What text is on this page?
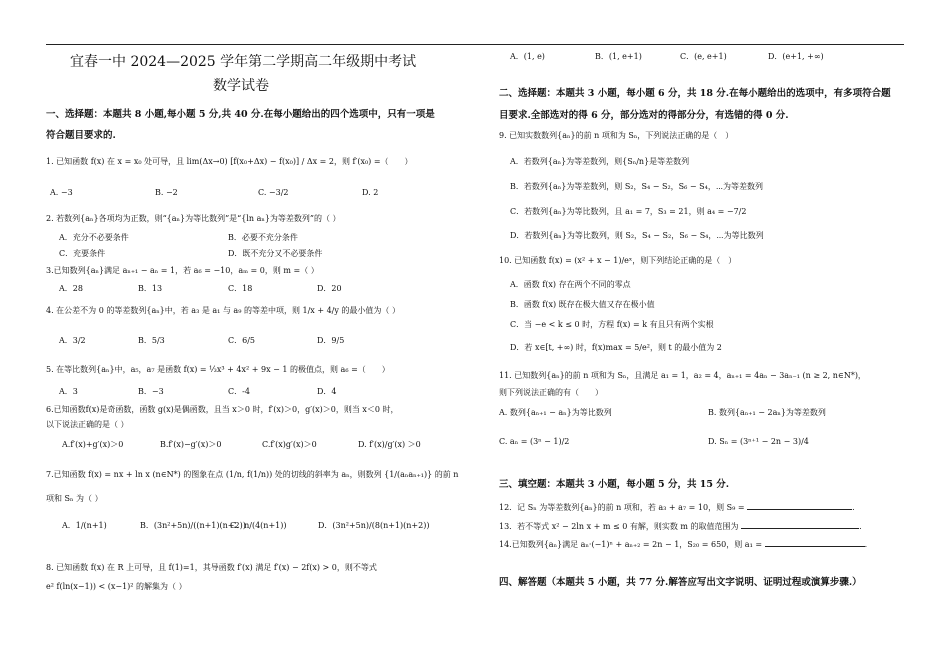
宜春一中 2024—2025 学年第二学期高二年级期中考试
数学试卷
一、选择题：本题共 8 小题,每小题 5 分,共 40 分.在每小题给出的四个选项中，只有一项是
符合题目要求的.
1. 已知函数 f(x) 在 x = x₀ 处可导，且 lim(Δx→0) [f(x₀+Δx) − f(x₀)] / Δx = 2，则 f′(x₀) =（　　）
A. −3	B. −2	C. −3/2	D. 2
2. 若数列{aₙ}各项均为正数，则“{aₙ}为等比数列”是“{ln aₙ}为等差数列”的（ ）
A．充分不必要条件	B．必要不充分条件
C．充要条件	D．既不充分又不必要条件
3.已知数列{aₙ}满足 aₙ₊₁ − aₙ = 1，若 a₆ = −10，aₘ = 0，则 m =（ ）
A．28	B．13	C．18	D．20
4. 在公差不为 0 的等差数列{aₙ}中，若 a₃ 是 a₁ 与 a₉ 的等差中项，则 1/x + 4/y 的最小值为（ ）
A．3/2	B．5/3	C．6/5	D．9/5
5. 在等比数列{aₙ}中，a₅，a₇ 是函数 f(x) = ⅓x³ + 4x² + 9x − 1 的极值点，则 a₆ =（　　）
A．3	B．−3	C．-4	D．4
6.已知函数f(x)是奇函数，函数 g(x)是偶函数，且当 x＞0 时，f′(x)＞0，g′(x)＞0，则当 x＜0 时，
以下说法正确的是（ ）
A.f′(x)+g′(x)＞0	B.f′(x)−g′(x)＞0	C.f′(x)g′(x)＞0	D. f′(x)/g′(x) ＞0
7.已知函数 f(x) = nx + ln x (n∈N*) 的图象在点 (1/n, f(1/n)) 处的切线的斜率为 aₙ，则数列 {1/(aₙaₙ₊₁)} 的前 n
项和 Sₙ 为（ ）
A．1/(n+1)	B．(3n²+5n)/((n+1)(n+2))
C．n/(4(n+1))	D．(3n²+5n)/(8(n+1)(n+2))
8. 已知函数 f(x) 在 R 上可导，且 f(1)=1，其导函数 f′(x) 满足 f′(x) − 2f(x) > 0，则不等式
e² f(ln(x−1)) < (x−1)² 的解集为（ ）
A．(1, e)	B．(1, e+1)	C．(e, e+1)	D．(e+1, +∞)
二、选择题：本题共 3 小题，每小题 6 分，共 18 分.在每小题给出的选项中，有多项符合题
目要求.全部选对的得 6 分，部分选对的得部分分，有选错的得 0 分.
9. 已知实数数列{aₙ}的前 n 项和为 Sₙ，下列说法正确的是（　）
A．若数列{aₙ}为等差数列，则{Sₙ/n}是等差数列
B．若数列{aₙ}为等差数列，则 S₂，S₄ − S₂，S₆ − S₄，⋯为等差数列
C．若数列{aₙ}为等比数列，且 a₁ = 7，S₃ = 21，则 a₄ = −7/2
D．若数列{aₙ}为等比数列，则 S₂，S₄ − S₂，S₆ − S₄，⋯为等比数列
10. 已知函数 f(x) = (x² + x − 1)/eˣ，则下列结论正确的是（　）
A．函数 f(x) 存在两个不同的零点
B．函数 f(x) 既存在极大值又存在极小值
C．当 −e < k ≤ 0 时，方程 f(x) = k 有且只有两个实根
D．若 x∈[t, +∞) 时，f(x)max = 5/e²，则 t 的最小值为 2
11. 已知数列{aₙ}的前 n 项和为 Sₙ，且满足 a₁ = 1，a₂ = 4，aₙ₊₁ = 4aₙ − 3aₙ₋₁ (n ≥ 2, n∈N*)，
则下列说法正确的有（　　）
A. 数列{aₙ₊₁ − aₙ}为等比数列	B. 数列{aₙ₊₁ − 2aₙ}为等差数列
C. aₙ = (3ⁿ − 1)/2	D. Sₙ = (3ⁿ⁺¹ − 2n − 3)/4
三、填空题：本题共 3 小题，每小题 5 分，共 15 分.
12．记 Sₙ 为等差数列{aₙ}的前 n 项和，若 a₃ + a₇ = 10，则 S₉ =	.
13．若不等式 x² − 2ln x + m ≤ 0 有解，则实数 m 的取值范围为	.
14.已知数列{aₙ}满足 aₙ·(−1)ⁿ + aₙ₊₂ = 2n − 1，S₂₀ = 650，则 a₁ =	.
四、解答题（本题共 5 小题，共 77 分.解答应写出文字说明、证明过程或演算步骤.）
